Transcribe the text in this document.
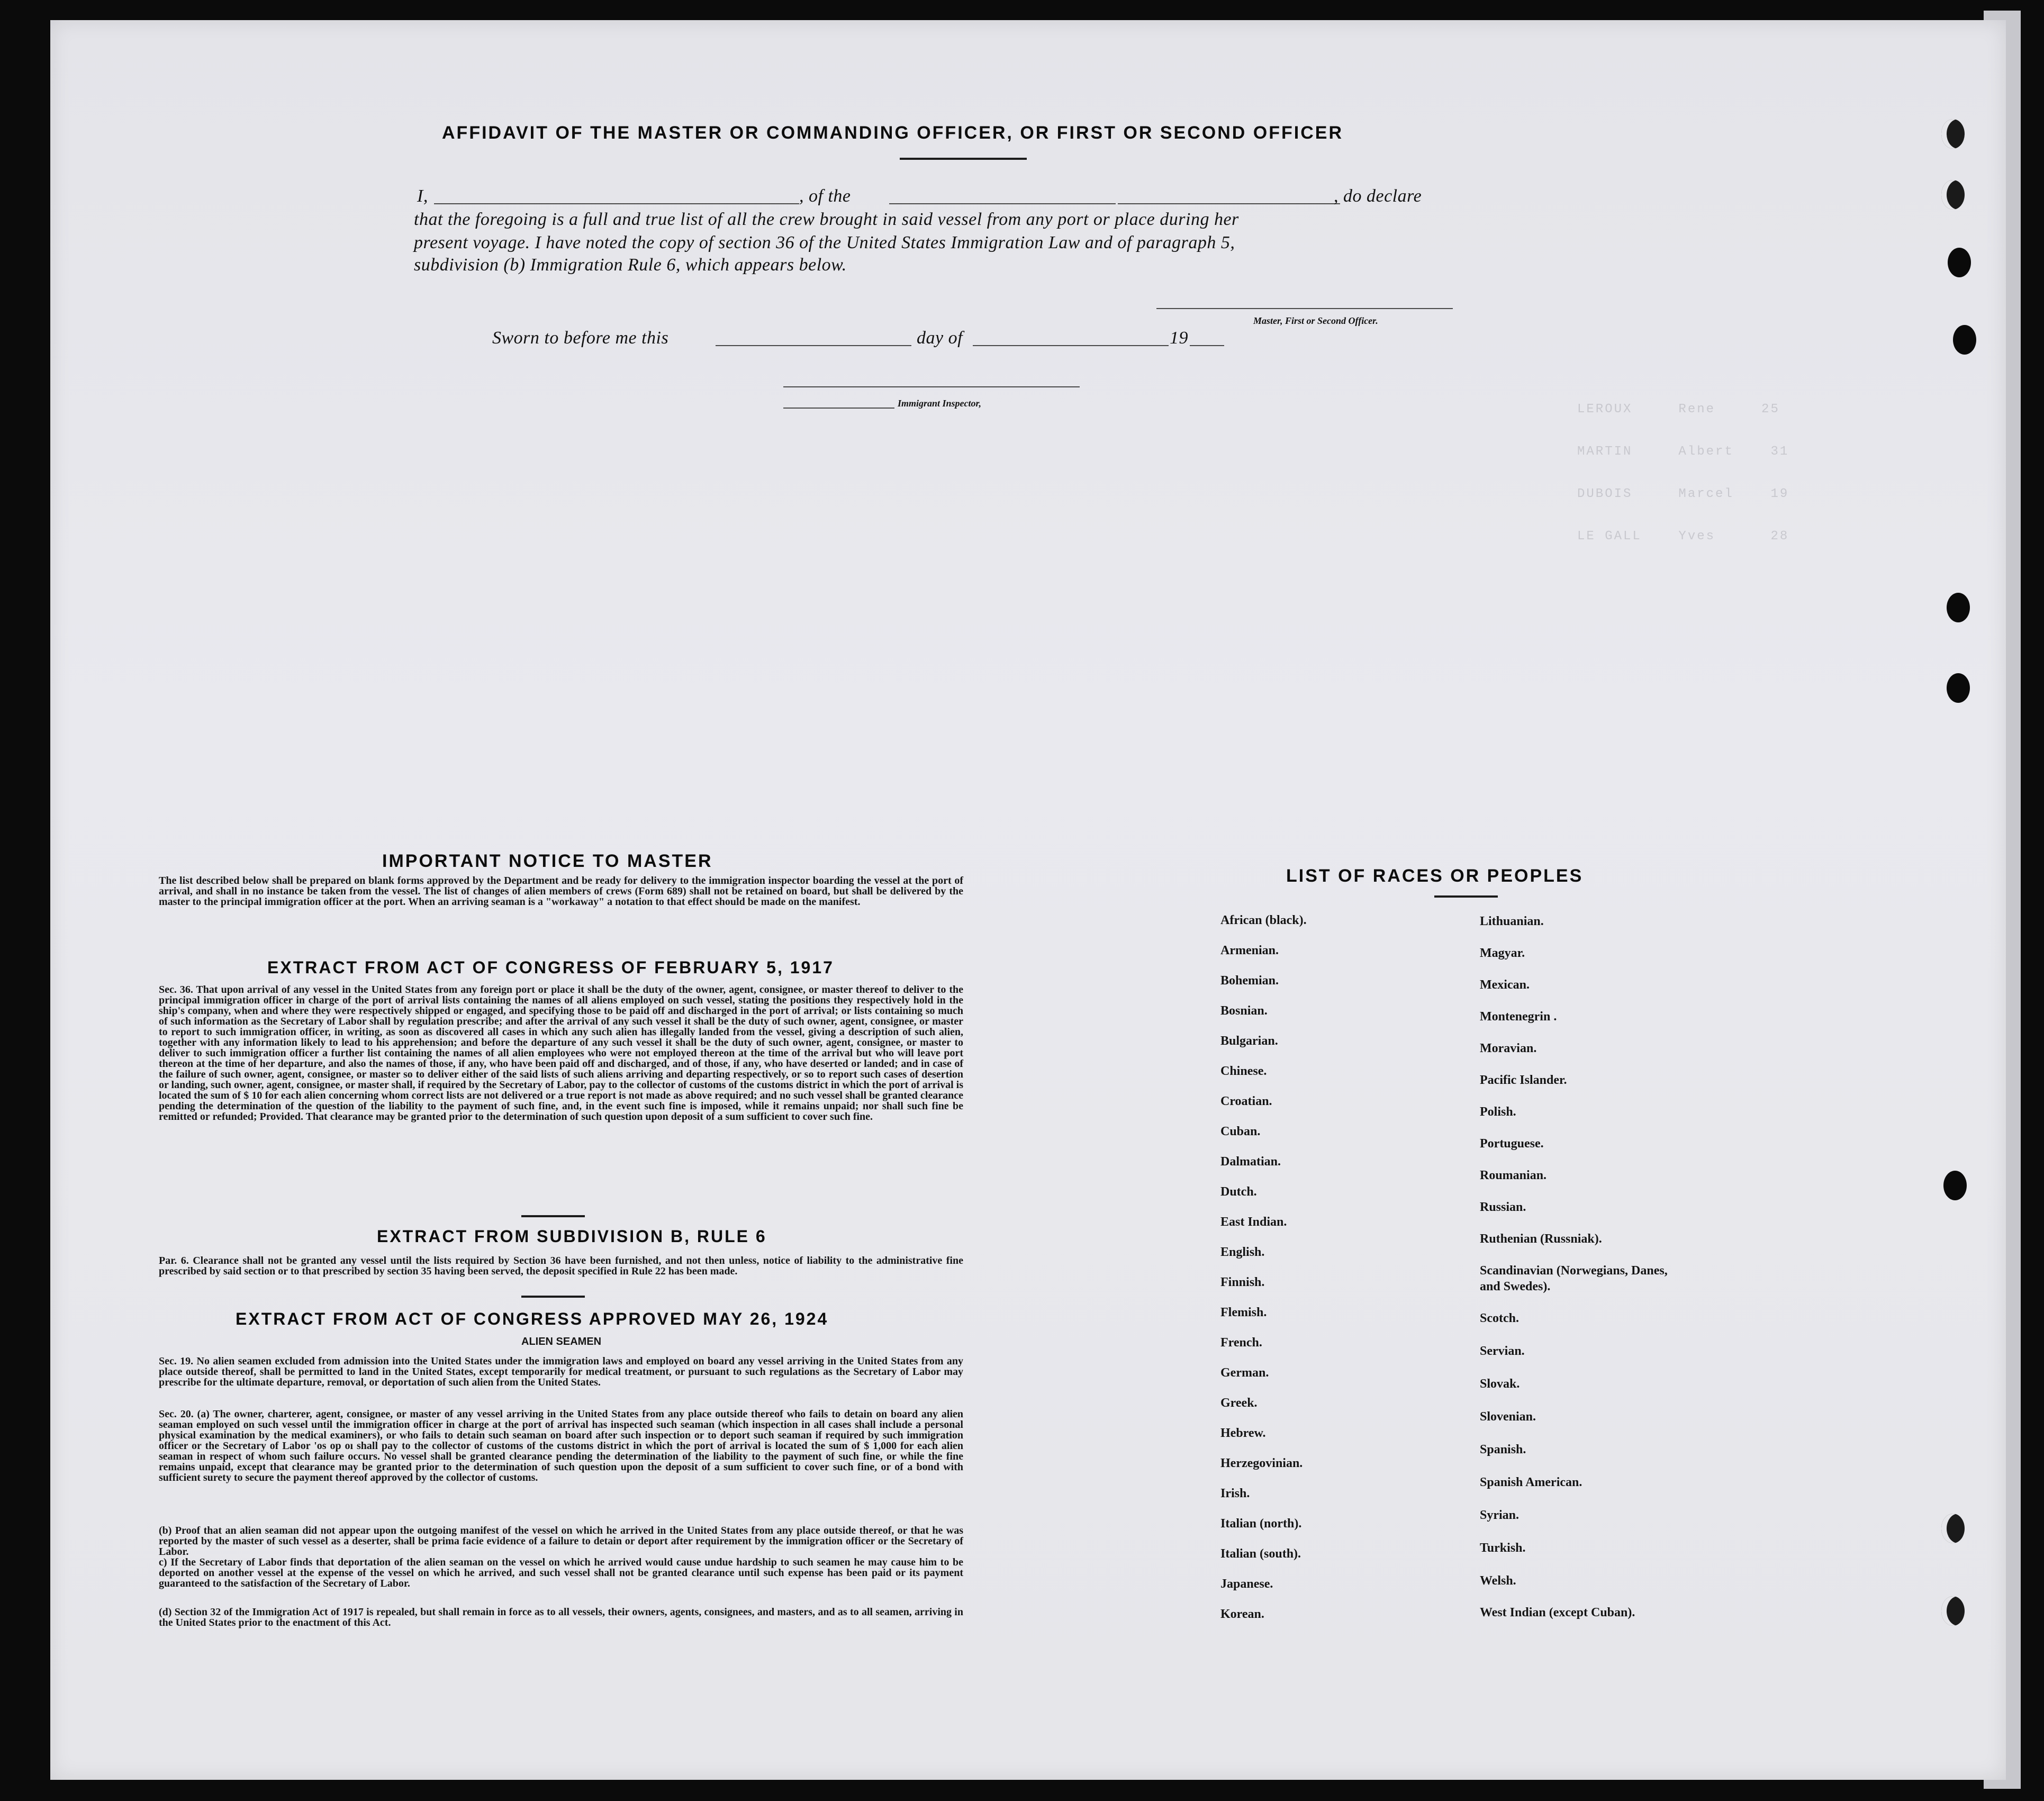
LEROUX     Rene     25
MARTIN     Albert    31
DUBOIS     Marcel    19
LE GALL    Yves      28
AFFIDAVIT OF THE MASTER OR COMMANDING OFFICER, OR FIRST OR SECOND OFFICER
I,	, of the	, do declare
that the foregoing is a full and true list of all the crew brought in said vessel from any port or place during her
present voyage. I have noted the copy of section 36 of the United States Immigration Law and of paragraph 5,
subdivision (b) Immigration Rule 6, which appears below.
Master, First or Second Officer.
Sworn to before me this	day of	19
Immigrant Inspector,
IMPORTANT NOTICE TO MASTER
The list described below shall be prepared on blank forms approved by the Department and be ready for delivery to the immigration inspector boarding the vessel at the port of arrival, and shall in no instance be taken from the vessel. The list of changes of alien members of crews (Form 689) shall not be retained on board, but shall be delivered by the master to the principal immigration officer at the port. When an arriving seaman is a "workaway" a notation to that effect should be made on the manifest.
EXTRACT FROM ACT OF CONGRESS OF FEBRUARY 5, 1917
Sec. 36. That upon arrival of any vessel in the United States from any foreign port or place it shall be the duty of the owner, agent, consignee, or master thereof to deliver to the principal immigration officer in charge of the port of arrival lists containing the names of all aliens employed on such vessel, stating the positions they respectively hold in the ship's company, when and where they were respectively shipped or engaged, and specifying those to be paid off and discharged in the port of arrival; or lists containing so much of such information as the Secretary of Labor shall by regulation prescribe; and after the arrival of any such vessel it shall be the duty of such owner, agent, consignee, or master to report to such immigration officer, in writing, as soon as discovered all cases in which any such alien has illegally landed from the vessel, giving a description of such alien, together with any information likely to lead to his apprehension; and before the departure of any such vessel it shall be the duty of such owner, agent, consignee, or master to deliver to such immigration officer a further list containing the names of all alien employees who were not employed thereon at the time of the arrival but who will leave port thereon at the time of her departure, and also the names of those, if any, who have been paid off and discharged, and of those, if any, who have deserted or landed; and in case of the failure of such owner, agent, consignee, or master so to deliver either of the said lists of such aliens arriving and departing respectively, or so to report such cases of desertion or landing, such owner, agent, consignee, or master shall, if required by the Secretary of Labor, pay to the collector of customs of the customs district in which the port of arrival is located the sum of $ 10 for each alien concerning whom correct lists are not delivered or a true report is not made as above required; and no such vessel shall be granted clearance pending the determination of the question of the liability to the payment of such fine, and, in the event such fine is imposed, while it remains unpaid; nor shall such fine be remitted or refunded; Provided. That clearance may be granted prior to the determination of such question upon deposit of a sum sufficient to cover such fine.
EXTRACT FROM SUBDIVISION B, RULE 6
Par. 6. Clearance shall not be granted any vessel until the lists required by Section 36 have been furnished, and not then unless, notice of liability to the administrative fine prescribed by said section or to that prescribed by section 35 having been served, the deposit specified in Rule 22 has been made.
EXTRACT FROM ACT OF CONGRESS APPROVED MAY 26, 1924
ALIEN SEAMEN
Sec. 19. No alien seamen excluded from admission into the United States under the immigration laws and employed on board any vessel arriving in the United States from any place outside thereof, shall be permitted to land in the United States, except temporarily for medical treatment, or pursuant to such regulations as the Secretary of Labor may prescribe for the ultimate departure, removal, or deportation of such alien from the United States.
Sec. 20. (a) The owner, charterer, agent, consignee, or master of any vessel arriving in the United States from any place outside thereof who fails to detain on board any alien seaman employed on such vessel until the immigration officer in charge at the port of arrival has inspected such seaman (which inspection in all cases shall include a personal physical examination by the medical examiners), or who fails to detain such seaman on board after such inspection or to deport such seaman if required by such immigration officer or the Secretary of Labor 'os op oı shall pay to the collector of customs of the customs district in which the port of arrival is located the sum of $ 1,000 for each alien seaman in respect of whom such failure occurs. No vessel shall be granted clearance pending the determination of the liability to the payment of such fine, or while the fine remains unpaid, except that clearance may be granted prior to the determination of such question upon the deposit of a sum sufficient to cover such fine, or of a bond with sufficient surety to secure the payment thereof approved by the collector of customs.
(b) Proof that an alien seaman did not appear upon the outgoing manifest of the vessel on which he arrived in the United States from any place outside thereof, or that he was reported by the master of such vessel as a deserter, shall be prima facie evidence of a failure to detain or deport after requirement by the immigration officer or the Secretary of Labor.
c) If the Secretary of Labor finds that deportation of the alien seaman on the vessel on which he arrived would cause undue hardship to such seamen he may cause him to be deported on another vessel at the expense of the vessel on which he arrived, and such vessel shall not be granted clearance until such expense has been paid or its payment guaranteed to the satisfaction of the Secretary of Labor.
(d) Section 32 of the Immigration Act of 1917 is repealed, but shall remain in force as to all vessels, their owners, agents, consignees, and masters, and as to all seamen, arriving in the United States prior to the enactment of this Act.
LIST OF RACES OR PEOPLES
African (black).
Armenian.
Bohemian.
Bosnian.
Bulgarian.
Chinese.
Croatian.
Cuban.
Dalmatian.
Dutch.
East Indian.
English.
Finnish.
Flemish.
French.
German.
Greek.
Hebrew.
Herzegovinian.
Irish.
Italian (north).
Italian (south).
Japanese.
Korean.
Lithuanian.
Magyar.
Mexican.
Montenegrin .
Moravian.
Pacific Islander.
Polish.
Portuguese.
Roumanian.
Russian.
Ruthenian (Russniak).
Scandinavian (Norwegians, Danes, and Swedes).
Scotch.
Servian.
Slovak.
Slovenian.
Spanish.
Spanish American.
Syrian.
Turkish.
Welsh.
West Indian (except Cuban).
